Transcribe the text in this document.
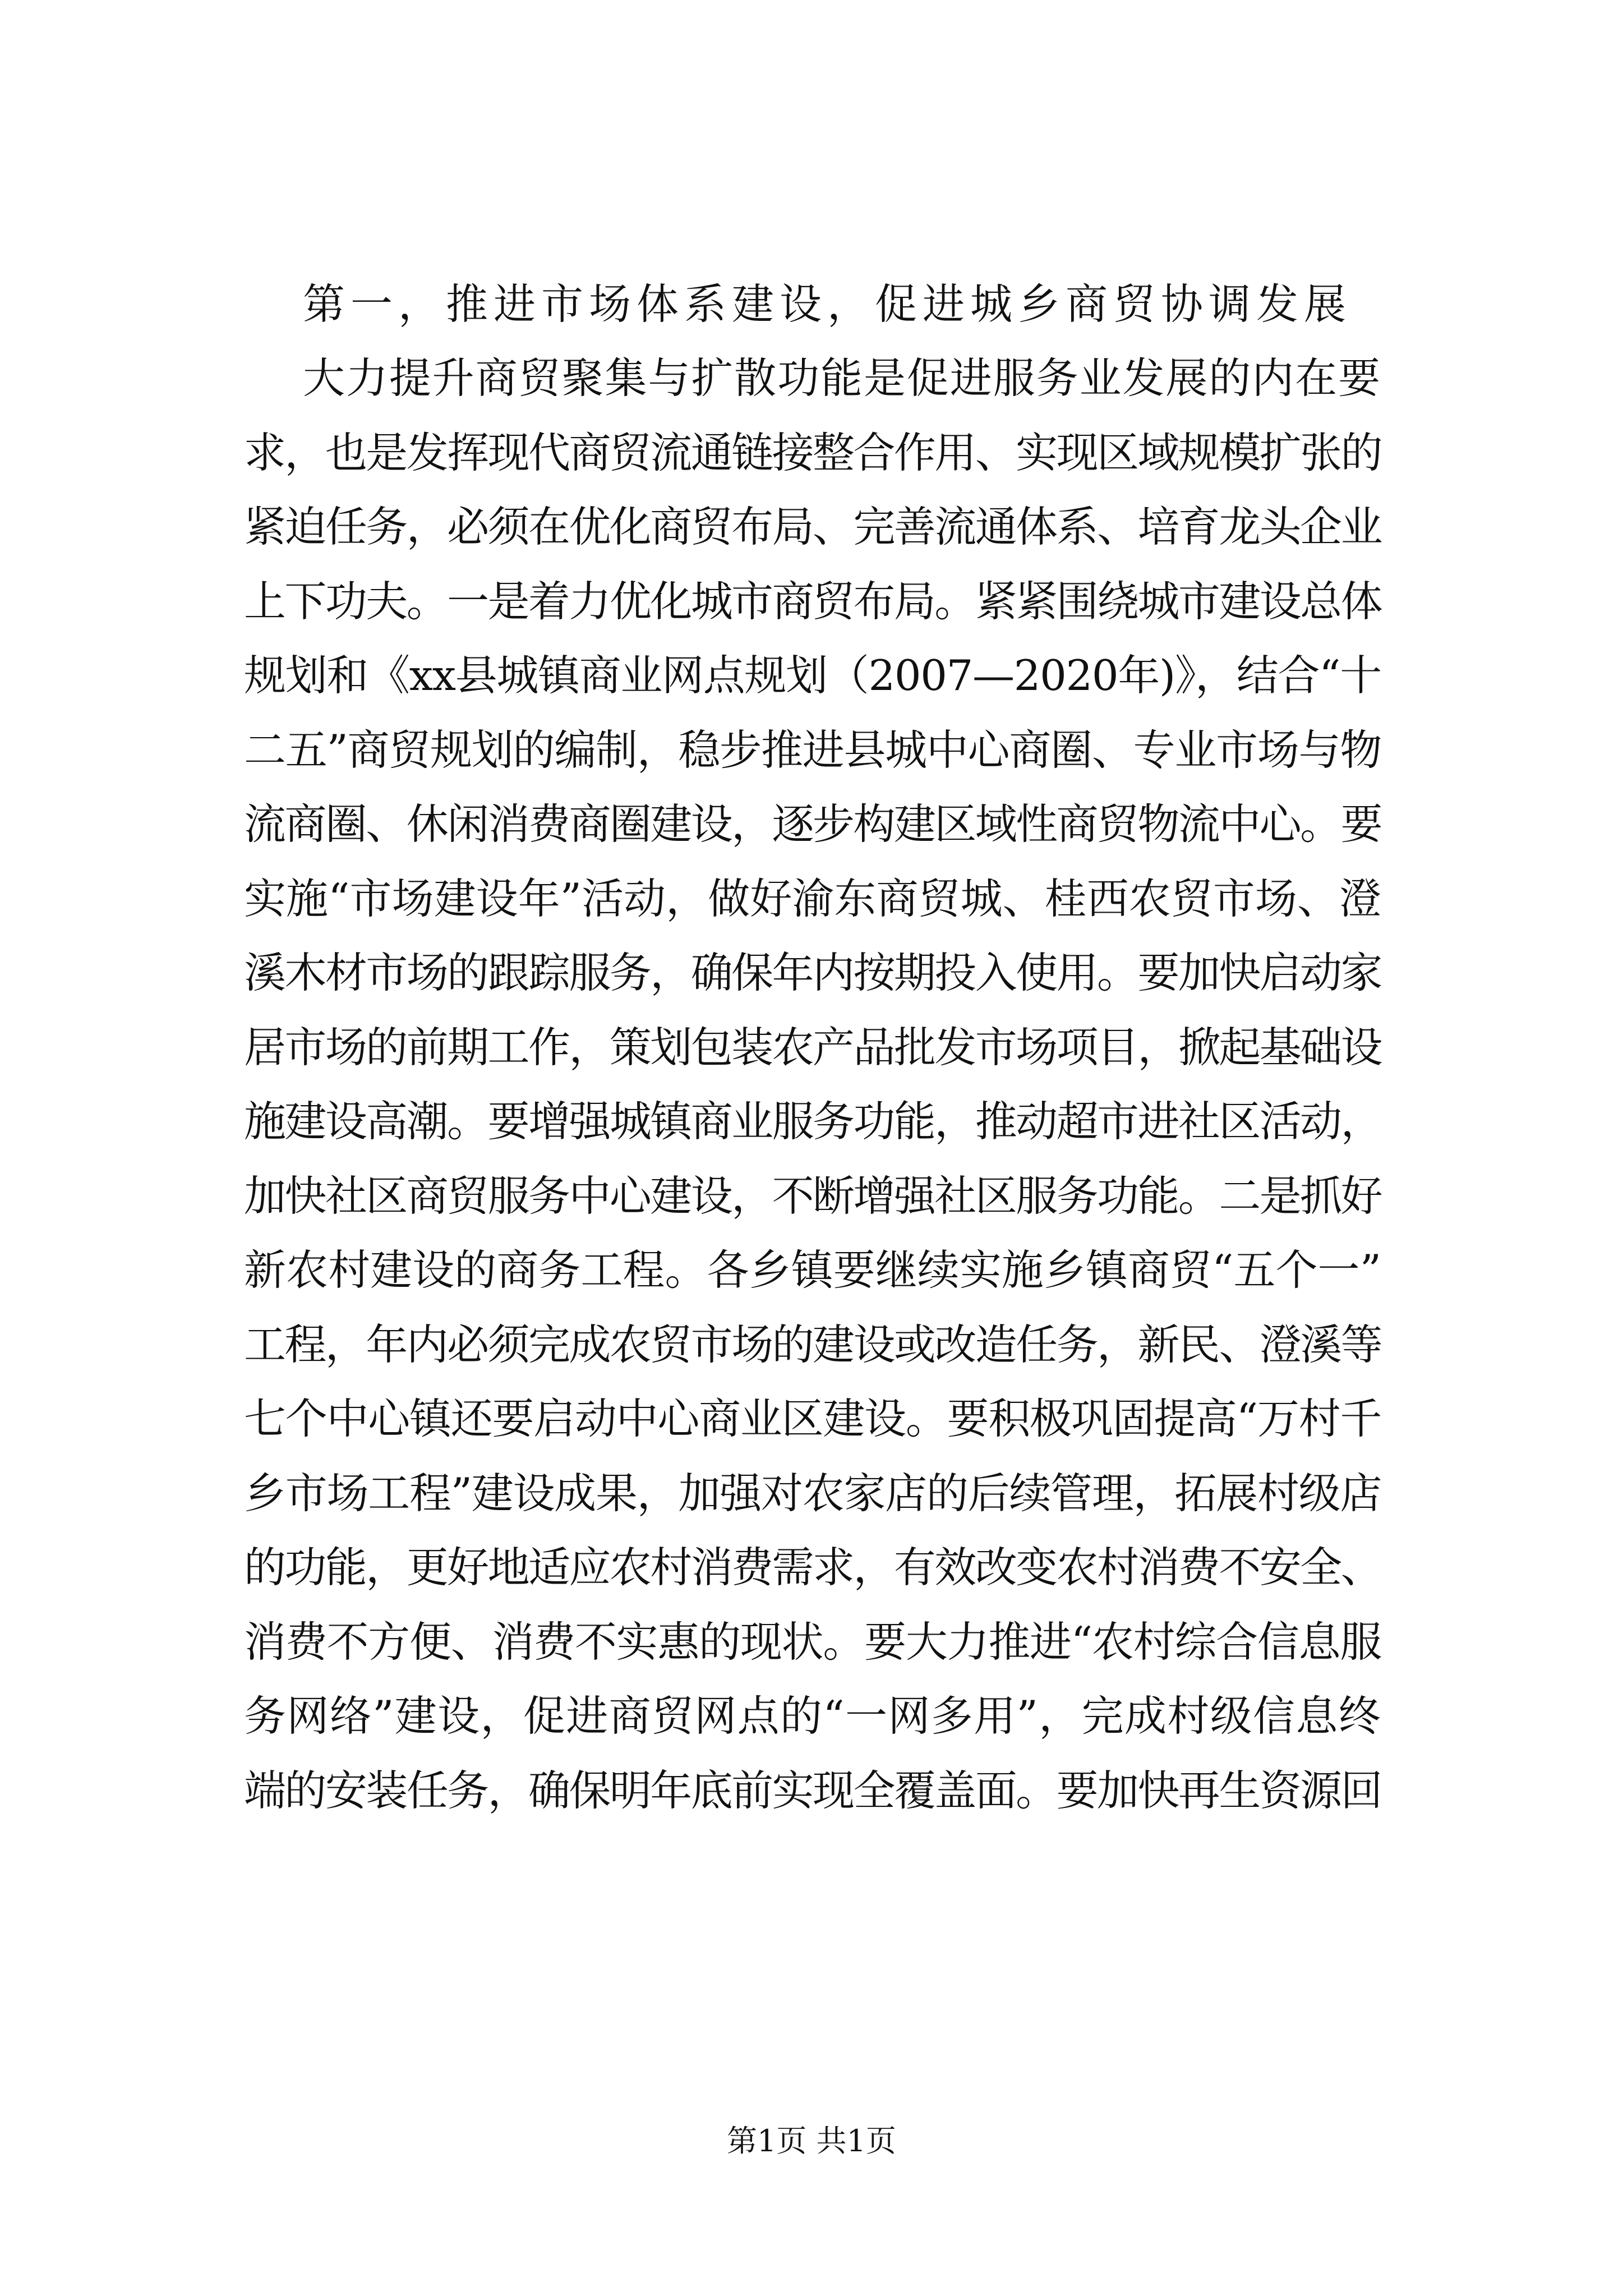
第一，推进市场体系建设，促进城乡商贸协调发展

大力提升商贸聚集与扩散功能是促进服务业发展的内在要

求，也是发挥现代商贸流通链接整合作用、实现区域规模扩张的

紧迫任务，必须在优化商贸布局、完善流通体系、培育龙头企业

上下功夫。一是着力优化城市商贸布局。紧紧围绕城市建设总体

规划和《xx县城镇商业网点规划（2007—2020年)》，结合“十

二五”商贸规划的编制，稳步推进县城中心商圈、专业市场与物

流商圈、休闲消费商圈建设，逐步构建区域性商贸物流中心。要

实施“市场建设年”活动，做好渝东商贸城、桂西农贸市场、澄

溪木材市场的跟踪服务，确保年内按期投入使用。要加快启动家

居市场的前期工作，策划包装农产品批发市场项目，掀起基础设

施建设高潮。要增强城镇商业服务功能，推动超市进社区活动，

加快社区商贸服务中心建设，不断增强社区服务功能。二是抓好

新农村建设的商务工程。各乡镇要继续实施乡镇商贸“五个一”

工程，年内必须完成农贸市场的建设或改造任务，新民、澄溪等

七个中心镇还要启动中心商业区建设。要积极巩固提高“万村千

乡市场工程”建设成果，加强对农家店的后续管理，拓展村级店

的功能，更好地适应农村消费需求，有效改变农村消费不安全、

消费不方便、消费不实惠的现状。要大力推进“农村综合信息服

务网络”建设，促进商贸网点的“一网多用”，完成村级信息终

端的安装任务，确保明年底前实现全覆盖面。要加快再生资源回

第1页 共1页
